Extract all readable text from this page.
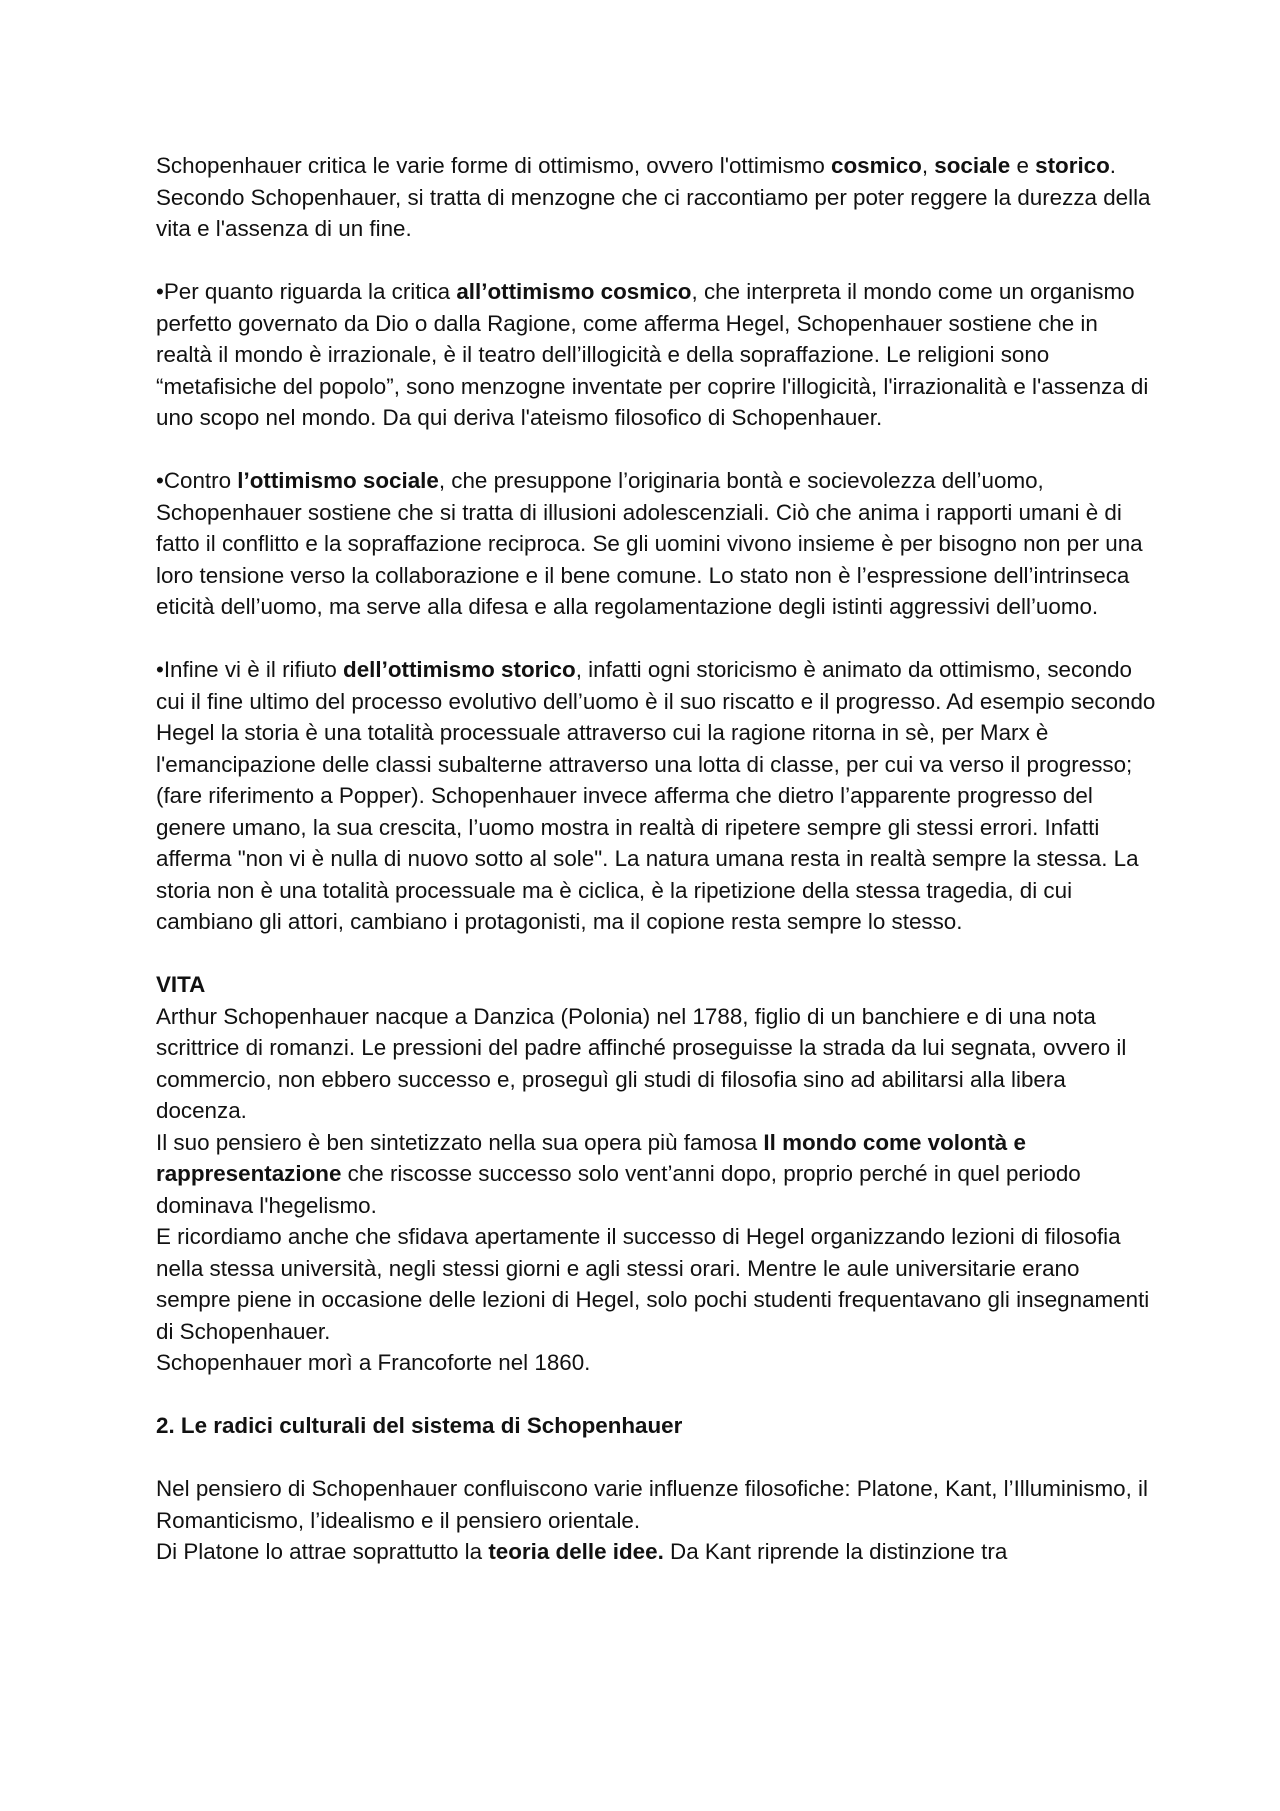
Schopenhauer critica le varie forme di ottimismo, ovvero l'ottimismo cosmico, sociale e storico. Secondo Schopenhauer, si tratta di menzogne che ci raccontiamo per poter reggere la durezza della vita e l'assenza di un fine.

•Per quanto riguarda la critica all’ottimismo cosmico, che interpreta il mondo come un organismo perfetto governato da Dio o dalla Ragione, come afferma Hegel, Schopenhauer sostiene che in realtà il mondo è irrazionale, è il teatro dell’illogicità e della sopraffazione. Le religioni sono “metafisiche del popolo”, sono menzogne inventate per coprire l'illogicità, l'irrazionalità e l'assenza di uno scopo nel mondo. Da qui deriva l'ateismo filosofico di Schopenhauer.

•Contro l’ottimismo sociale, che presuppone l’originaria bontà e socievolezza dell’uomo, Schopenhauer sostiene che si tratta di illusioni adolescenziali. Ciò che anima i rapporti umani è di fatto il conflitto e la sopraffazione reciproca. Se gli uomini vivono insieme è per bisogno non per una loro tensione verso la collaborazione e il bene comune. Lo stato non è l’espressione dell’intrinseca eticità dell’uomo, ma serve alla difesa e alla regolamentazione degli istinti aggressivi dell’uomo.

•Infine vi è il rifiuto dell’ottimismo storico, infatti ogni storicismo è animato da ottimismo, secondo cui il fine ultimo del processo evolutivo dell’uomo è il suo riscatto e il progresso. Ad esempio secondo Hegel la storia è una totalità processuale attraverso cui la ragione ritorna in sè, per Marx è l'emancipazione delle classi subalterne attraverso una lotta di classe, per cui va verso il progresso; (fare riferimento a Popper). Schopenhauer invece afferma che dietro l’apparente progresso del genere umano, la sua crescita, l’uomo mostra in realtà di ripetere sempre gli stessi errori. Infatti afferma "non vi è nulla di nuovo sotto al sole". La natura umana resta in realtà sempre la stessa. La storia non è una totalità processuale ma è ciclica, è la ripetizione della stessa tragedia, di cui cambiano gli attori, cambiano i protagonisti, ma il copione resta sempre lo stesso.

VITA

Arthur Schopenhauer nacque a Danzica (Polonia) nel 1788, figlio di un banchiere e di una nota scrittrice di romanzi. Le pressioni del padre affinché proseguisse la strada da lui segnata, ovvero il commercio, non ebbero successo e, proseguì gli studi di filosofia sino ad abilitarsi alla libera docenza.

Il suo pensiero è ben sintetizzato nella sua opera più famosa Il mondo come volontà e rappresentazione che riscosse successo solo vent’anni dopo, proprio perché in quel periodo dominava l'hegelismo.

E ricordiamo anche che sfidava apertamente il successo di Hegel organizzando lezioni di filosofia nella stessa università, negli stessi giorni e agli stessi orari. Mentre le aule universitarie erano sempre piene in occasione delle lezioni di Hegel, solo pochi studenti frequentavano gli insegnamenti di Schopenhauer.

Schopenhauer morì a Francoforte nel 1860.

2. Le radici culturali del sistema di Schopenhauer

Nel pensiero di Schopenhauer confluiscono varie influenze filosofiche: Platone, Kant, l’Illuminismo, il Romanticismo, l’idealismo e il pensiero orientale.

Di Platone lo attrae soprattutto la teoria delle idee. Da Kant riprende la distinzione tra
